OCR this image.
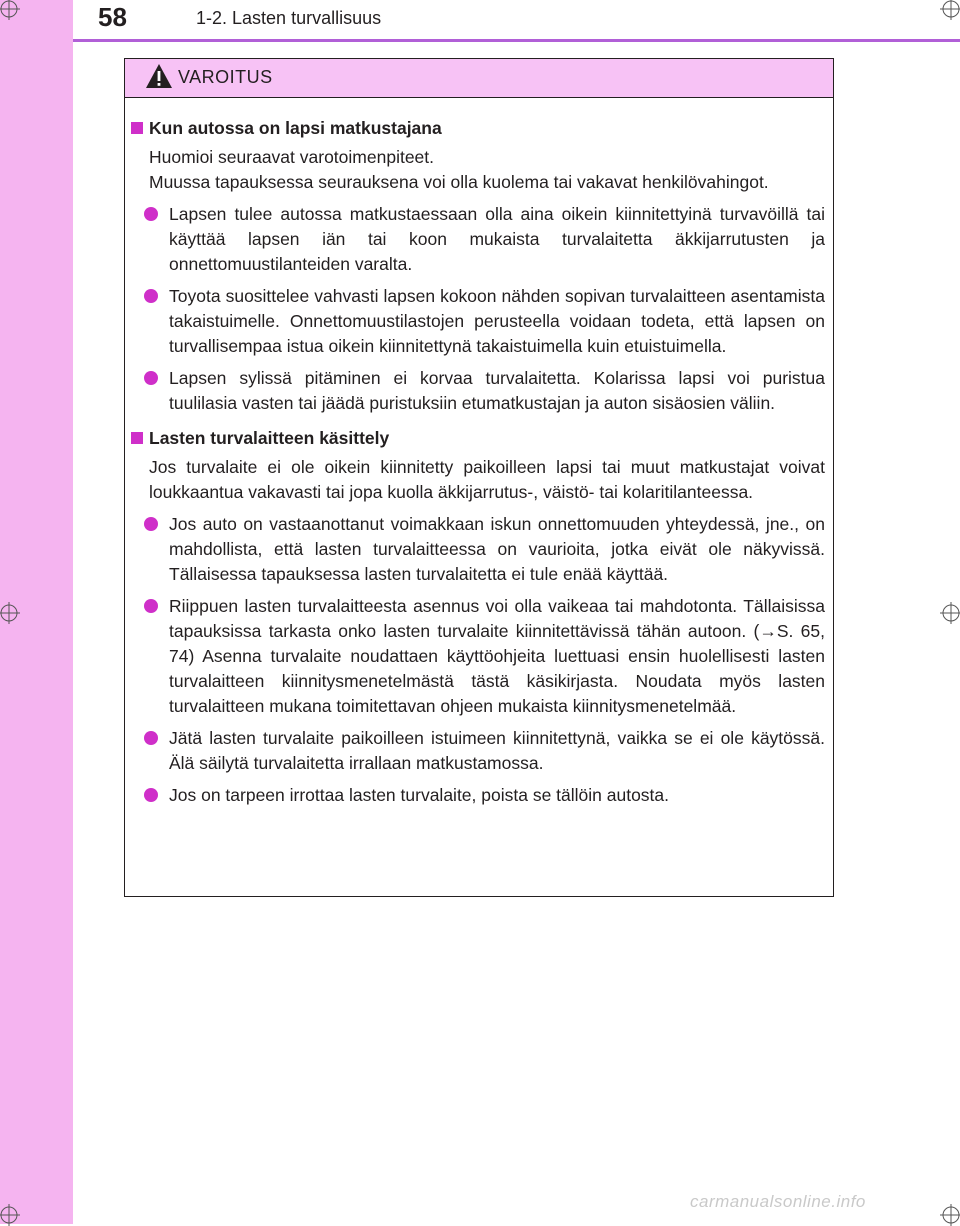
58	1-2. Lasten turvallisuus
VAROITUS
Kun autossa on lapsi matkustajana
Huomioi seuraavat varotoimenpiteet.
Muussa tapauksessa seurauksena voi olla kuolema tai vakavat henkilövahingot.
Lapsen tulee autossa matkustaessaan olla aina oikein kiinnitettyinä turvavöillä tai käyttää lapsen iän tai koon mukaista turvalaitetta äkkijarrutusten ja onnettomuustilanteiden varalta.
Toyota suosittelee vahvasti lapsen kokoon nähden sopivan turvalaitteen asentamista takaistuimelle. Onnettomuustilastojen perusteella voidaan todeta, että lapsen on turvallisempaa istua oikein kiinnitettynä takaistuimella kuin etuistuimella.
Lapsen sylissä pitäminen ei korvaa turvalaitetta. Kolarissa lapsi voi puristua tuulilasia vasten tai jäädä puristuksiin etumatkustajan ja auton sisäosien väliin.
Lasten turvalaitteen käsittely
Jos turvalaite ei ole oikein kiinnitetty paikoilleen lapsi tai muut matkustajat voivat loukkaantua vakavasti tai jopa kuolla äkkijarrutus-, väistö- tai kolaritilanteessa.
Jos auto on vastaanottanut voimakkaan iskun onnettomuuden yhteydessä, jne., on mahdollista, että lasten turvalaitteessa on vaurioita, jotka eivät ole näkyvissä. Tällaisessa tapauksessa lasten turvalaitetta ei tule enää käyttää.
Riippuen lasten turvalaitteesta asennus voi olla vaikeaa tai mahdotonta. Tällaisissa tapauksissa tarkasta onko lasten turvalaite kiinnitettävissä tähän autoon. (→S. 65, 74) Asenna turvalaite noudattaen käyttöohjeita luettuasi ensin huolellisesti lasten turvalaitteen kiinnitysmenetelmästä tästä käsikirjasta. Noudata myös lasten turvalaitteen mukana toimitettavan ohjeen mukaista kiinnitysmenetelmää.
Jätä lasten turvalaite paikoilleen istuimeen kiinnitettynä, vaikka se ei ole käytössä. Älä säilytä turvalaitetta irrallaan matkustamossa.
Jos on tarpeen irrottaa lasten turvalaite, poista se tällöin autosta.
carmanualsonline.info
